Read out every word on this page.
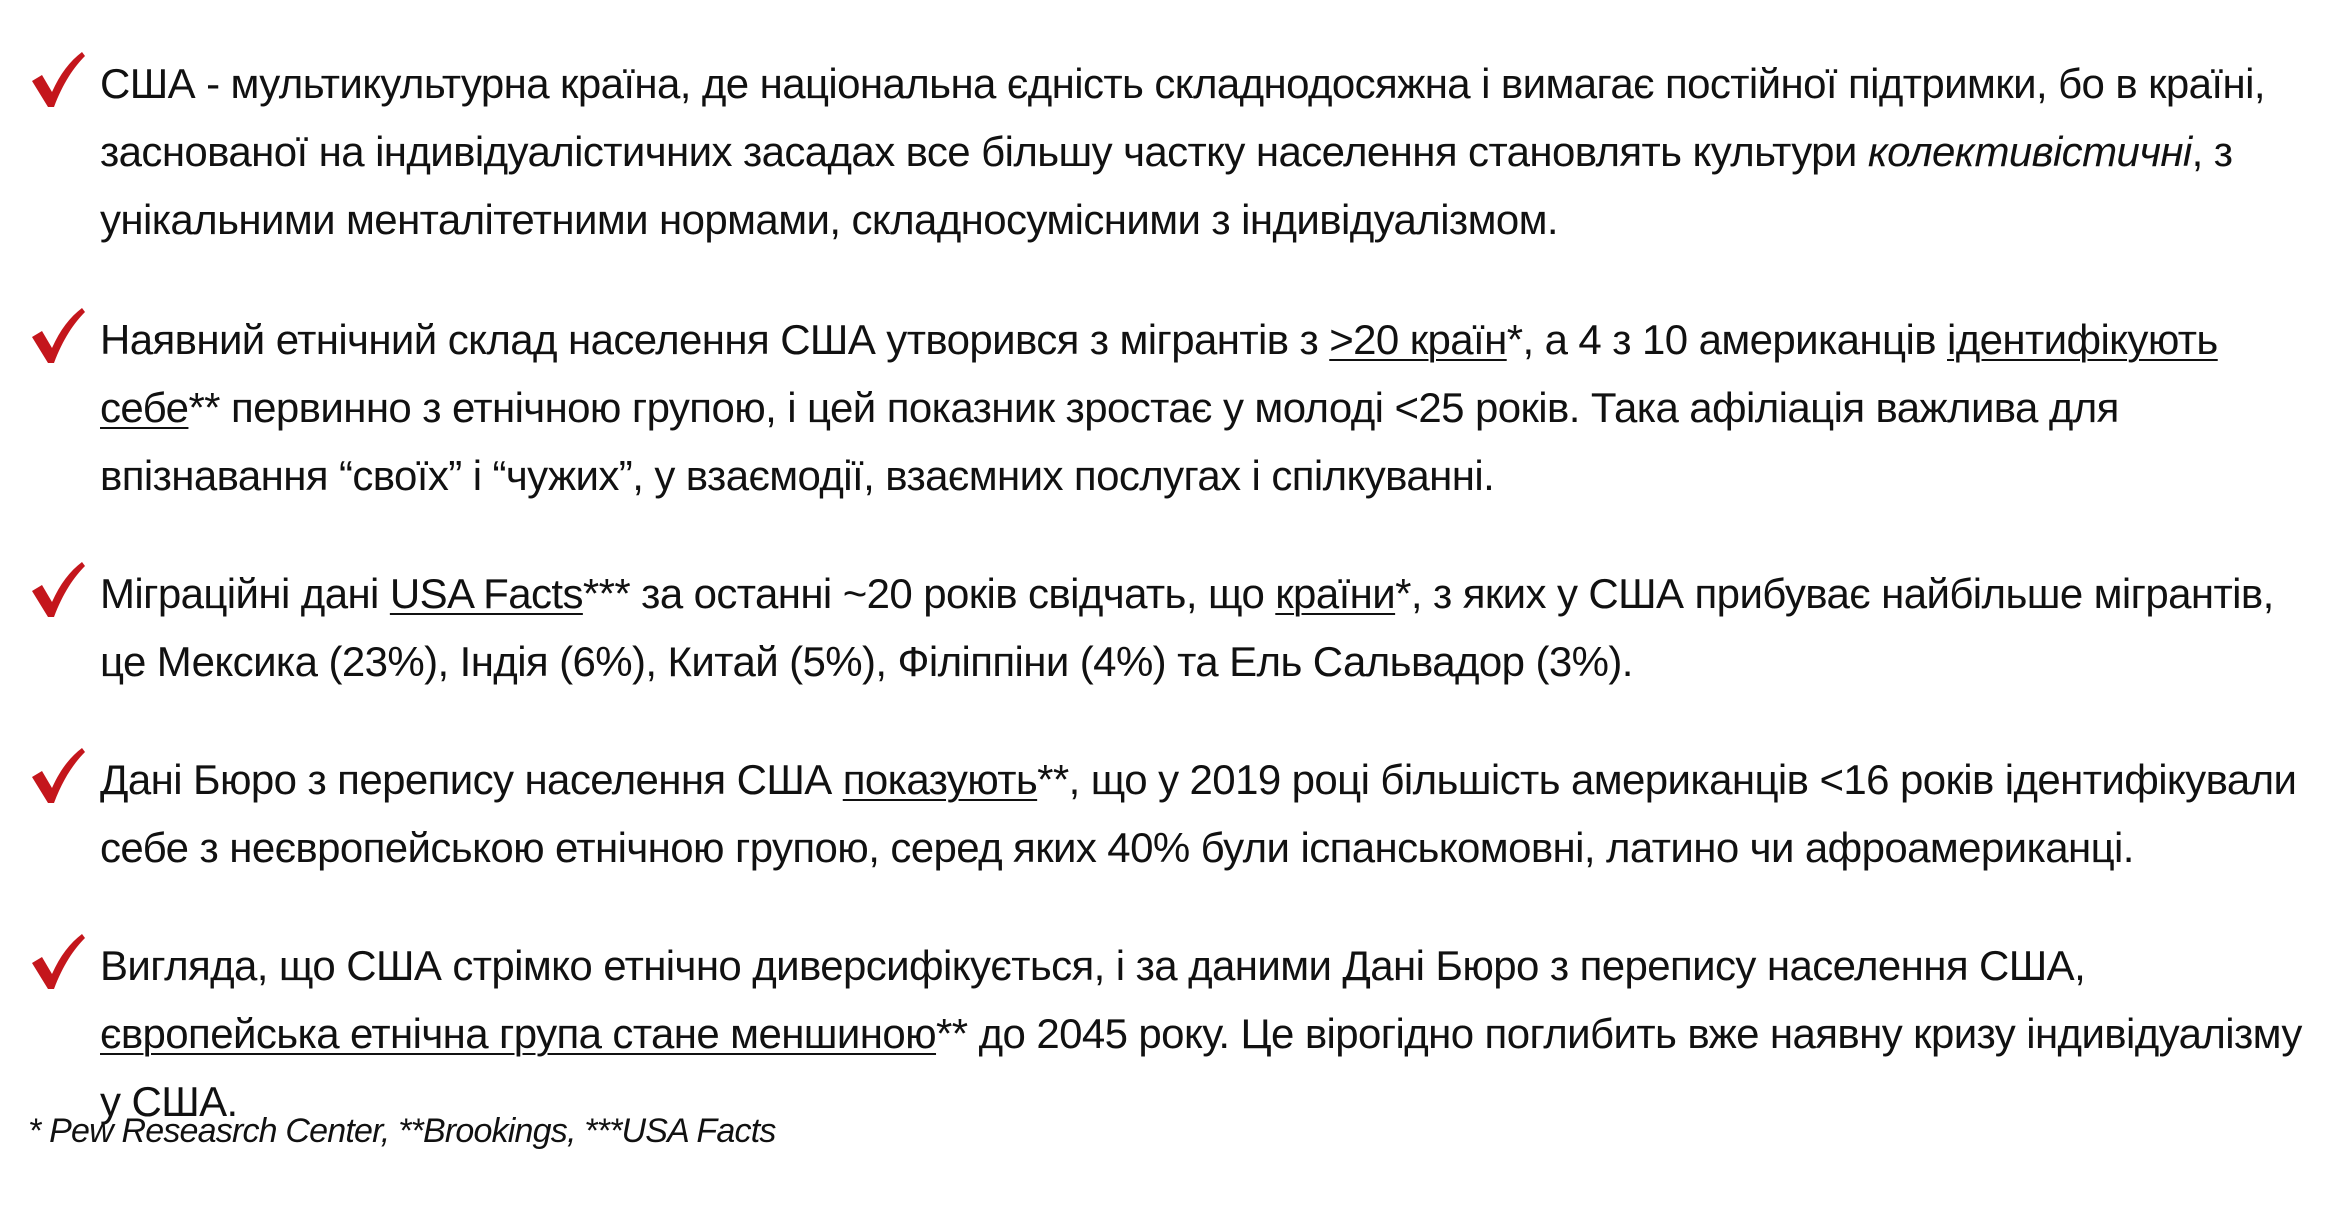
США - мультикультурна країна, де національна єдність складнодосяжна і вимагає постійної підтримки, бо в країні, заснованої на індивідуалістичних засадах все більшу частку населення становлять культури колективістичні, з унікальними менталітетними нормами, складносумісними з індивідуалізмом.
Наявний етнічний склад населення США утворився з мігрантів з >20 країн*, а 4 з 10 американців ідентифікують себе** первинно з етнічною групою, і цей показник зростає у молоді <25 років. Така афіліація важлива для впізнавання “своїх” і “чужих”, у взаємодії, взаємних послугах і спілкуванні.
Міграційні дані USA Facts*** за останні ~20 років свідчать, що країни*, з яких у США прибуває найбільше мігрантів, це Мексика (23%), Індія (6%), Китай (5%), Філіппіни (4%) та Ель Сальвадор (3%).
Дані Бюро з перепису населення США показують**, що у 2019 році більшість американців <16 років ідентифікували себе з неєвропейською етнічною групою, серед яких 40% були іспанськомовні, латино чи афроамериканці.
Вигляда, що США стрімко етнічно диверсифікується, і за даними Дані Бюро з перепису населення США, європейська етнічна група стане меншиною** до 2045 року. Це вірогідно поглибить вже наявну кризу індивідуалізму у США.
* Pew Reseasrch Center, **Brookings, ***USA Facts
